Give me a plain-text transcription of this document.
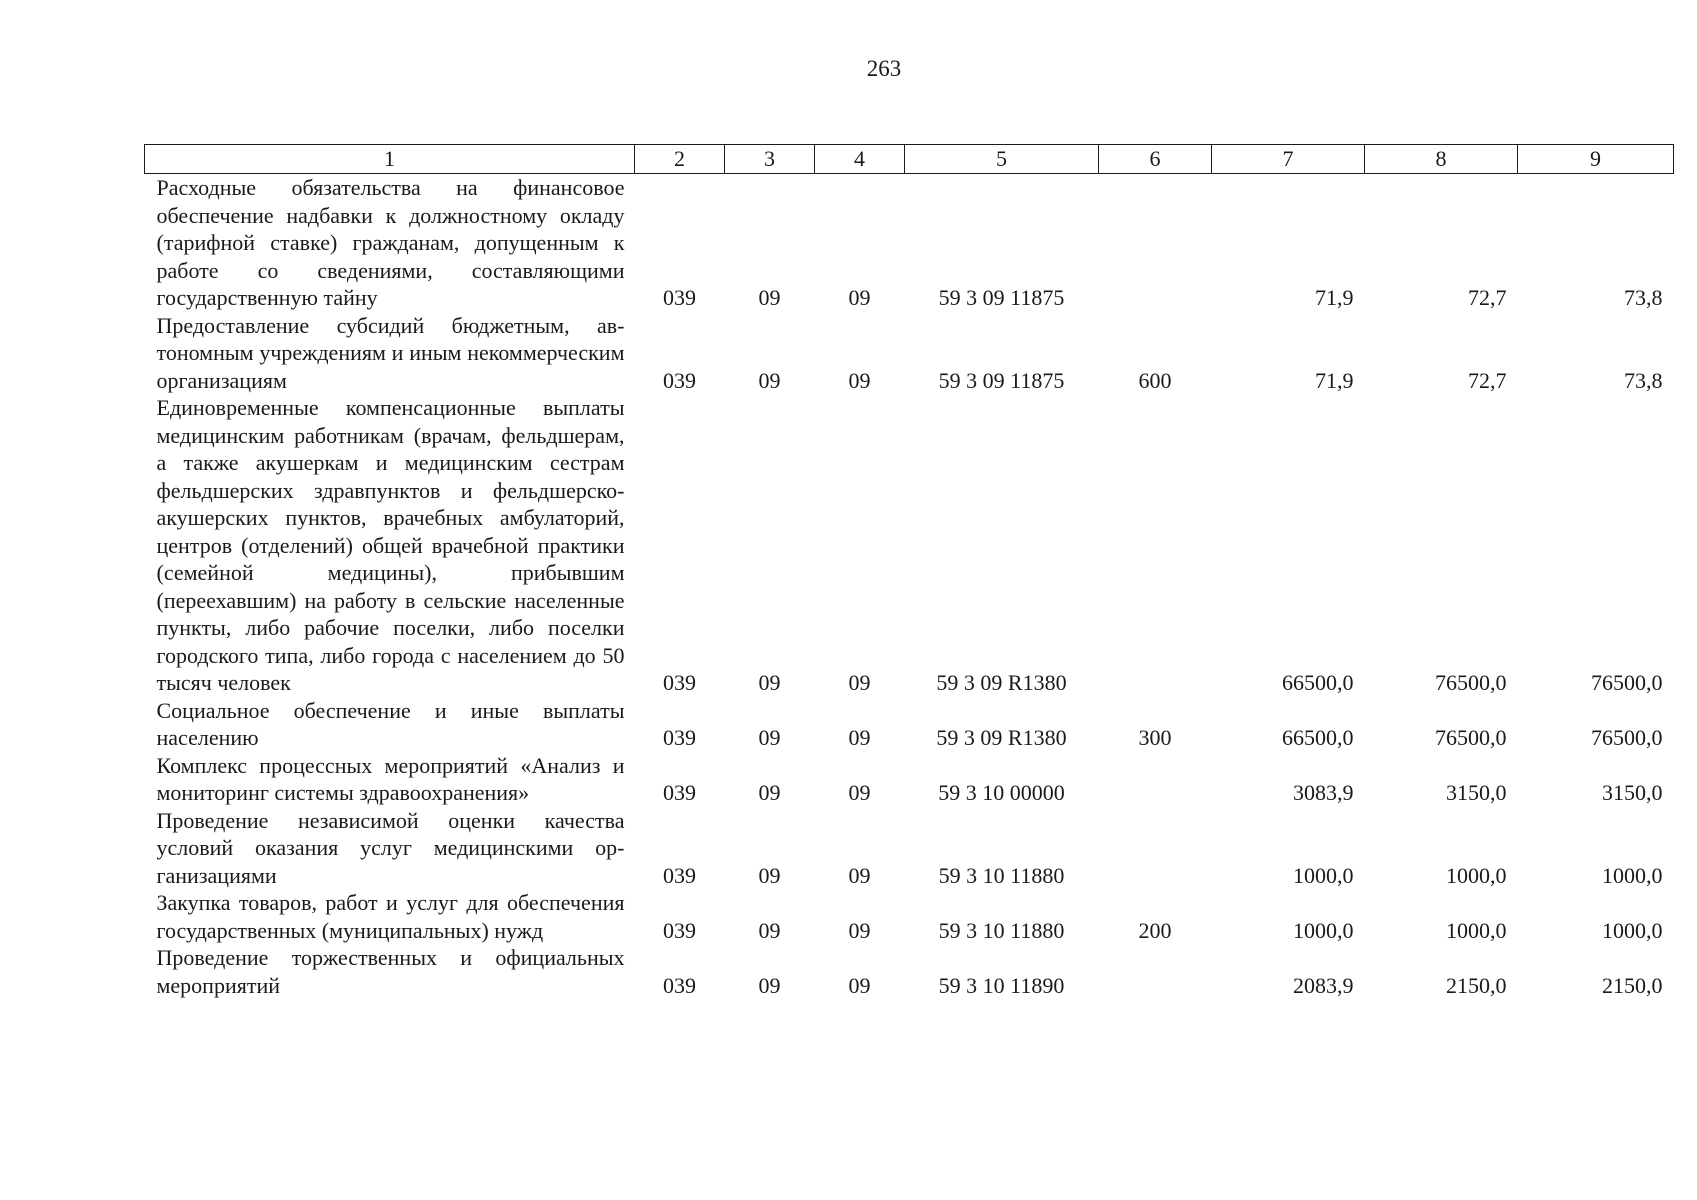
263
1	2	3	4	5	6	7	8	9
Расходные обязательства на финансовое обеспечение надбавки к должностному окладу (тарифной ставке) гражданам, допущенным к работе со сведениями, составляющими государственную тайну	039	09	09	59 3 09 11875		71,9	72,7	73,8
Предоставление субсидий бюджетным, автономным учреждениям и иным некоммерческим организациям	039	09	09	59 3 09 11875	600	71,9	72,7	73,8
Единовременные компенсационные выплаты медицинским работникам (врачам, фельдшерам, а также акушеркам и медицинским сестрам фельдшерских здравпунктов и фельдшерско-акушерских пунктов, врачебных амбулаторий, центров (отделений) общей врачебной практики (семейной медицины), прибывшим (переехавшим) на работу в сельские населенные пункты, либо рабочие поселки, либо поселки городского типа, либо города с населением до 50 тысяч человек	039	09	09	59 3 09 R1380		66500,0	76500,0	76500,0
Социальное обеспечение и иные выплаты населению	039	09	09	59 3 09 R1380	300	66500,0	76500,0	76500,0
Комплекс процессных мероприятий «Анализ и мониторинг системы здравоохранения»	039	09	09	59 3 10 00000		3083,9	3150,0	3150,0
Проведение независимой оценки качества условий оказания услуг медицинскими организациями	039	09	09	59 3 10 11880		1000,0	1000,0	1000,0
Закупка товаров, работ и услуг для обеспечения государственных (муниципальных) нужд	039	09	09	59 3 10 11880	200	1000,0	1000,0	1000,0
Проведение торжественных и официальных мероприятий	039	09	09	59 3 10 11890		2083,9	2150,0	2150,0
